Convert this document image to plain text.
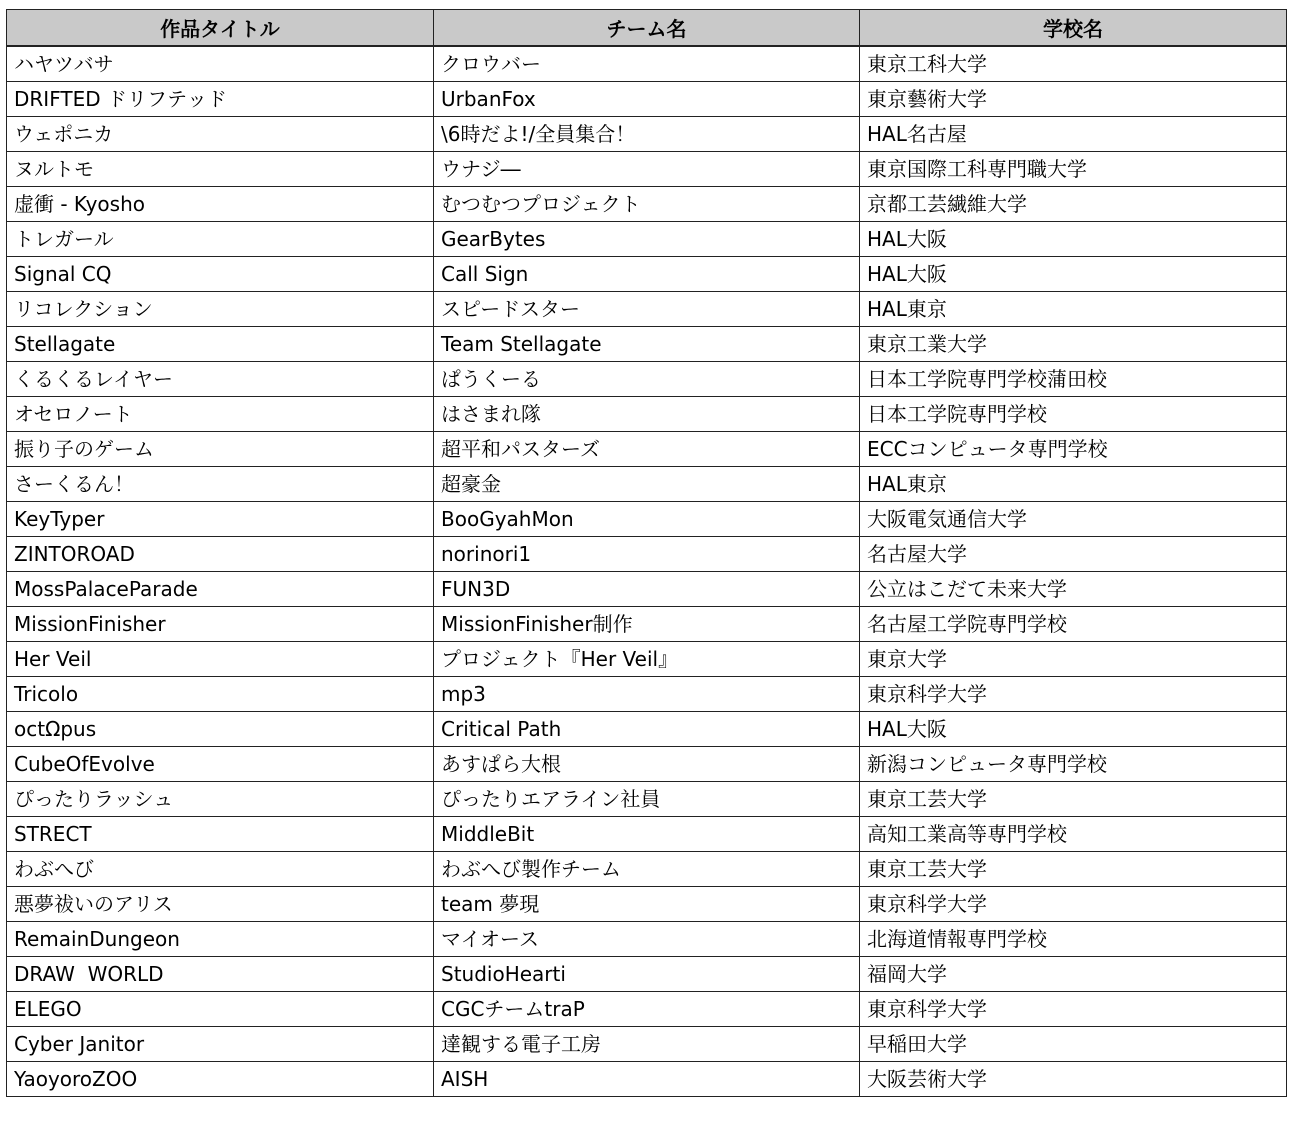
作品タイトル	チーム名	学校名
ハヤツバサ	クロウバー	東京工科大学
DRIFTED ドリフテッド	UrbanFox	東京藝術大学
ウェポニカ	\6時だよ!/全員集合！	HAL名古屋
ヌルトモ	ウナジ―	東京国際工科専門職大学
虚衝 - Kyosho	むつむつプロジェクト	京都工芸繊維大学
トレガール	GearBytes	HAL大阪
Signal CQ	Call Sign	HAL大阪
リコレクション	スピードスター	HAL東京
Stellagate	Team Stellagate	東京工業大学
くるくるレイヤー	ぱうくーる	日本工学院専門学校蒲田校
オセロノート	はさまれ隊	日本工学院専門学校
振り子のゲーム	超平和パスターズ	ECCコンピュータ専門学校
さーくるん！	超豪金	HAL東京
KeyTyper	BooGyahMon	大阪電気通信大学
ZINTOROAD	norinori1	名古屋大学
MossPalaceParade	FUN3D	公立はこだて未来大学
MissionFinisher	MissionFinisher制作	名古屋工学院専門学校
Her Veil	プロジェクト『Her Veil』	東京大学
Tricolo	mp3	東京科学大学
octΩpus	Critical Path	HAL大阪
CubeOfEvolve	あすぱら大根	新潟コンピュータ専門学校
ぴったりラッシュ	ぴったりエアライン社員	東京工芸大学
STRECT	MiddleBit	高知工業高等専門学校
わぶへび	わぶへび製作チーム	東京工芸大学
悪夢祓いのアリス	team 夢現	東京科学大学
RemainDungeon	マイオース	北海道情報専門学校
DRAW  WORLD	StudioHearti	福岡大学
ELEGO	CGCチームtraP	東京科学大学
Cyber Janitor	達観する電子工房	早稲田大学
YaoyoroZOO	AISH	大阪芸術大学
